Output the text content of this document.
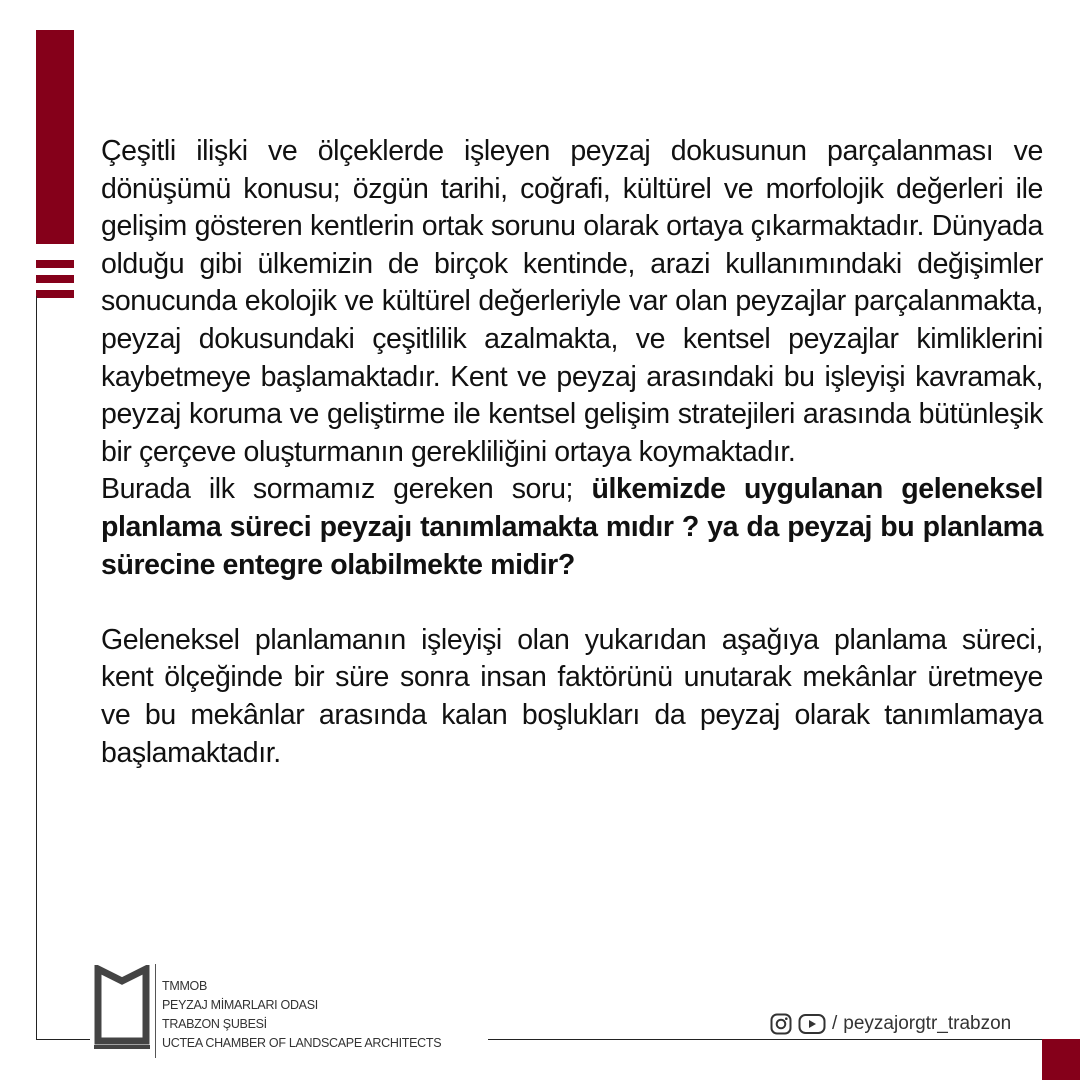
Çeşitli ilişki ve ölçeklerde işleyen peyzaj dokusunun parçalanması ve dönüşümü konusu; özgün tarihi, coğrafi, kültürel ve morfolojik değerleri ile gelişim gösteren kentlerin ortak sorunu olarak ortaya çıkarmaktadır. Dünyada olduğu gibi ülkemizin de birçok kentinde, arazi kullanımındaki değişimler sonucunda ekolojik ve kültürel değerleriyle var olan peyzajlar parçalanmakta, peyzaj dokusundaki çeşitlilik azalmakta, ve kentsel peyzajlar kimliklerini kaybetmeye başlamaktadır. Kent ve peyzaj arasındaki bu işleyişi kavramak, peyzaj koruma ve geliştirme ile kentsel gelişim stratejileri arasında bütünleşik bir çerçeve oluşturmanın gerekliliğini ortaya koymaktadır.

Burada ilk sormamız gereken soru; ülkemizde uygulanan geleneksel planlama süreci peyzajı tanımlamakta mıdır ? ya da peyzaj bu planlama sürecine entegre olabilmekte midir?

Geleneksel planlamanın işleyişi olan yukarıdan aşağıya planlama süreci, kent ölçeğinde bir süre sonra insan faktörünü unutarak mekânlar üretmeye ve bu mekânlar arasında kalan boşlukları da peyzaj olarak tanımlamaya başlamaktadır.

TMMOB
PEYZAJ MİMARLARI ODASI
TRABZON ŞUBESİ
UCTEA CHAMBER OF LANDSCAPE ARCHITECTS
/ peyzajorgtr_trabzon
